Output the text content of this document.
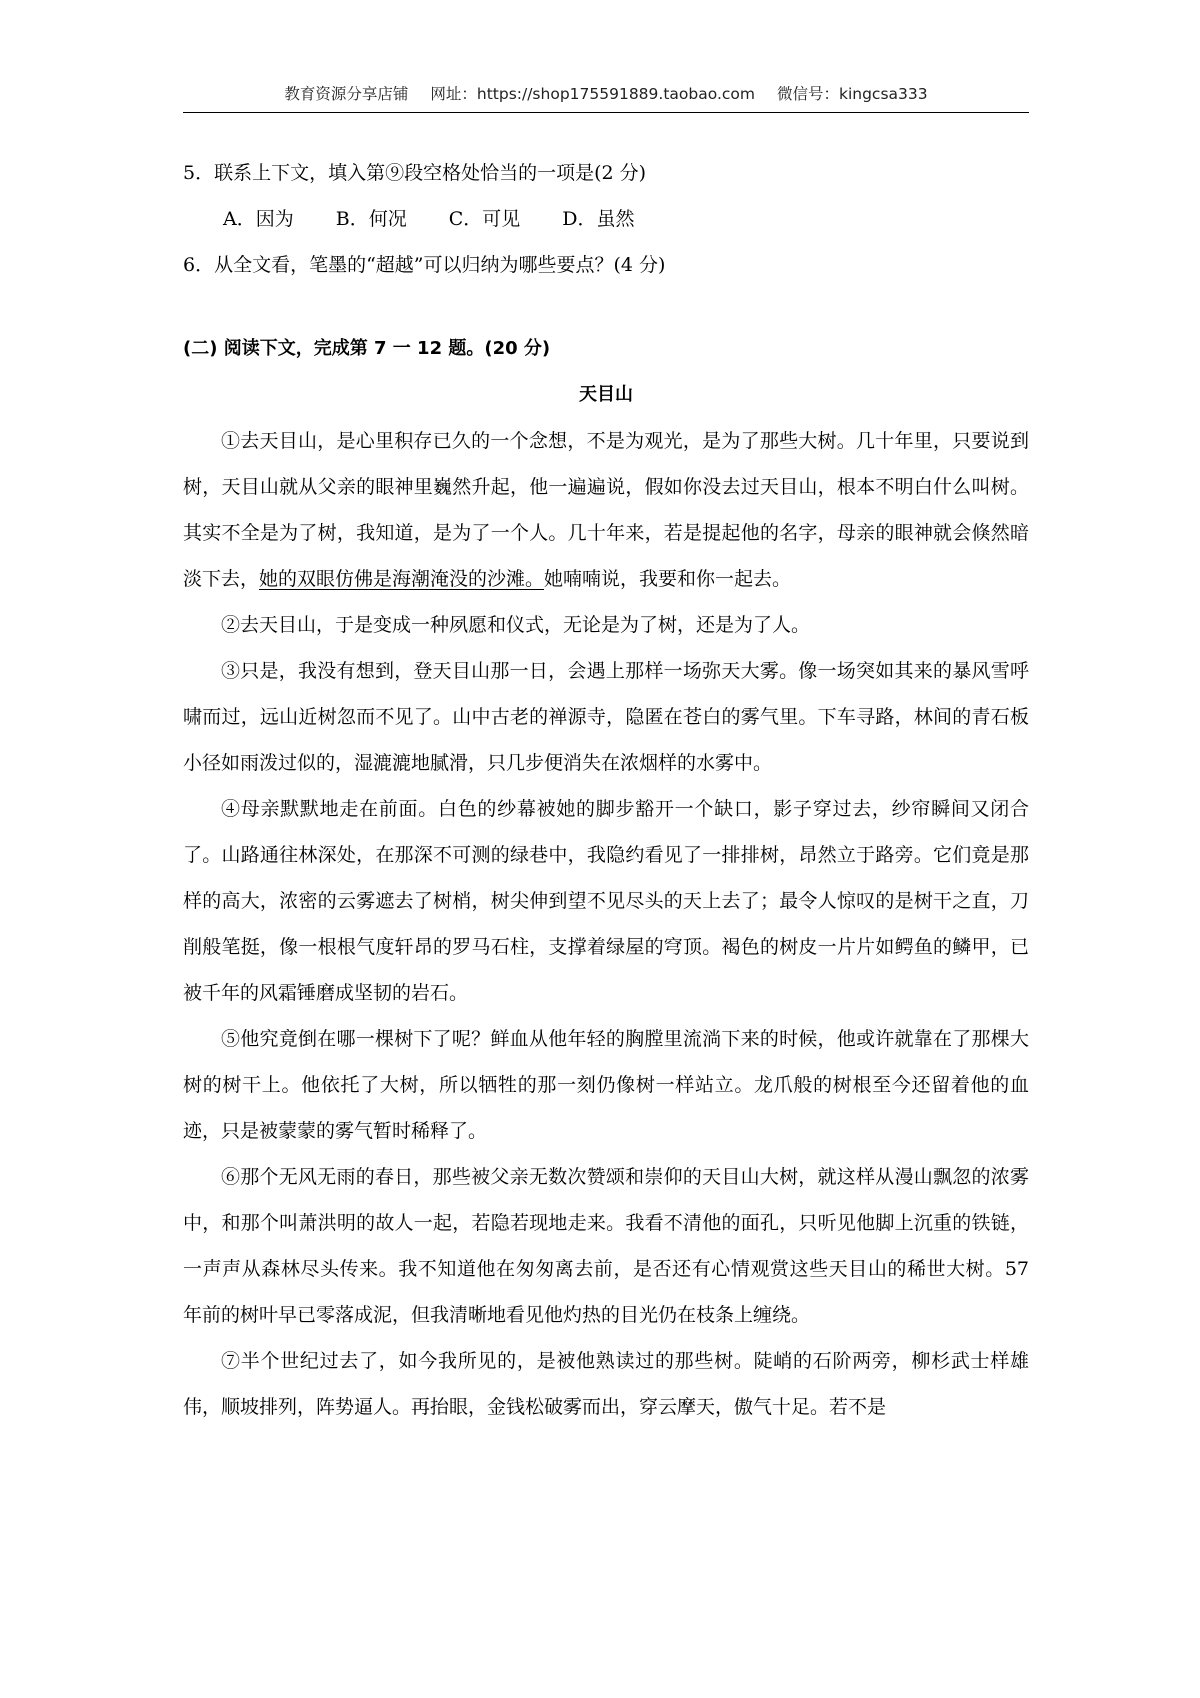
教育资源分享店铺 网址：https://shop175591889.taobao.com 微信号：kingcsa333

5．联系上下文，填入第⑨段空格处恰当的一项是(2 分)

A．因为 B．何况 C．可见 D．虽然

6．从全文看，笔墨的“超越”可以归纳为哪些要点？(4 分)

(二) 阅读下文，完成第 7 一 12 题。(20 分)

天目山

①去天目山，是心里积存已久的一个念想，不是为观光，是为了那些大树。几十年里，只要说到树，天目山就从父亲的眼神里巍然升起，他一遍遍说，假如你没去过天目山，根本不明白什么叫树。其实不全是为了树，我知道，是为了一个人。几十年来，若是提起他的名字，母亲的眼神就会倏然暗淡下去，她的双眼仿佛是海潮淹没的沙滩。她喃喃说，我要和你一起去。

②去天目山，于是变成一种夙愿和仪式，无论是为了树，还是为了人。

③只是，我没有想到，登天目山那一日，会遇上那样一场弥天大雾。像一场突如其来的暴风雪呼啸而过，远山近树忽而不见了。山中古老的禅源寺，隐匿在苍白的雾气里。下车寻路，林间的青石板小径如雨泼过似的，湿漉漉地腻滑，只几步便消失在浓烟样的水雾中。

④母亲默默地走在前面。白色的纱幕被她的脚步豁开一个缺口，影子穿过去，纱帘瞬间又闭合了。山路通往林深处，在那深不可测的绿巷中，我隐约看见了一排排树，昂然立于路旁。它们竟是那样的高大，浓密的云雾遮去了树梢，树尖伸到望不见尽头的天上去了；最令人惊叹的是树干之直，刀削般笔挺，像一根根气度轩昂的罗马石柱，支撑着绿屋的穹顶。褐色的树皮一片片如鳄鱼的鳞甲，已被千年的风霜锤磨成坚韧的岩石。

⑤他究竟倒在哪一棵树下了呢？鲜血从他年轻的胸膛里流淌下来的时候，他或许就靠在了那棵大树的树干上。他依托了大树，所以牺牲的那一刻仍像树一样站立。龙爪般的树根至今还留着他的血迹，只是被蒙蒙的雾气暂时稀释了。

⑥那个无风无雨的春日，那些被父亲无数次赞颂和崇仰的天目山大树，就这样从漫山飘忽的浓雾中，和那个叫萧洪明的故人一起，若隐若现地走来。我看不清他的面孔，只听见他脚上沉重的铁链，一声声从森林尽头传来。我不知道他在匆匆离去前，是否还有心情观赏这些天目山的稀世大树。57 年前的树叶早已零落成泥，但我清晰地看见他灼热的目光仍在枝条上缠绕。

⑦半个世纪过去了，如今我所见的，是被他熟读过的那些树。陡峭的石阶两旁，柳杉武士样雄伟，顺坡排列，阵势逼人。再抬眼，金钱松破雾而出，穿云摩天，傲气十足。若不是
